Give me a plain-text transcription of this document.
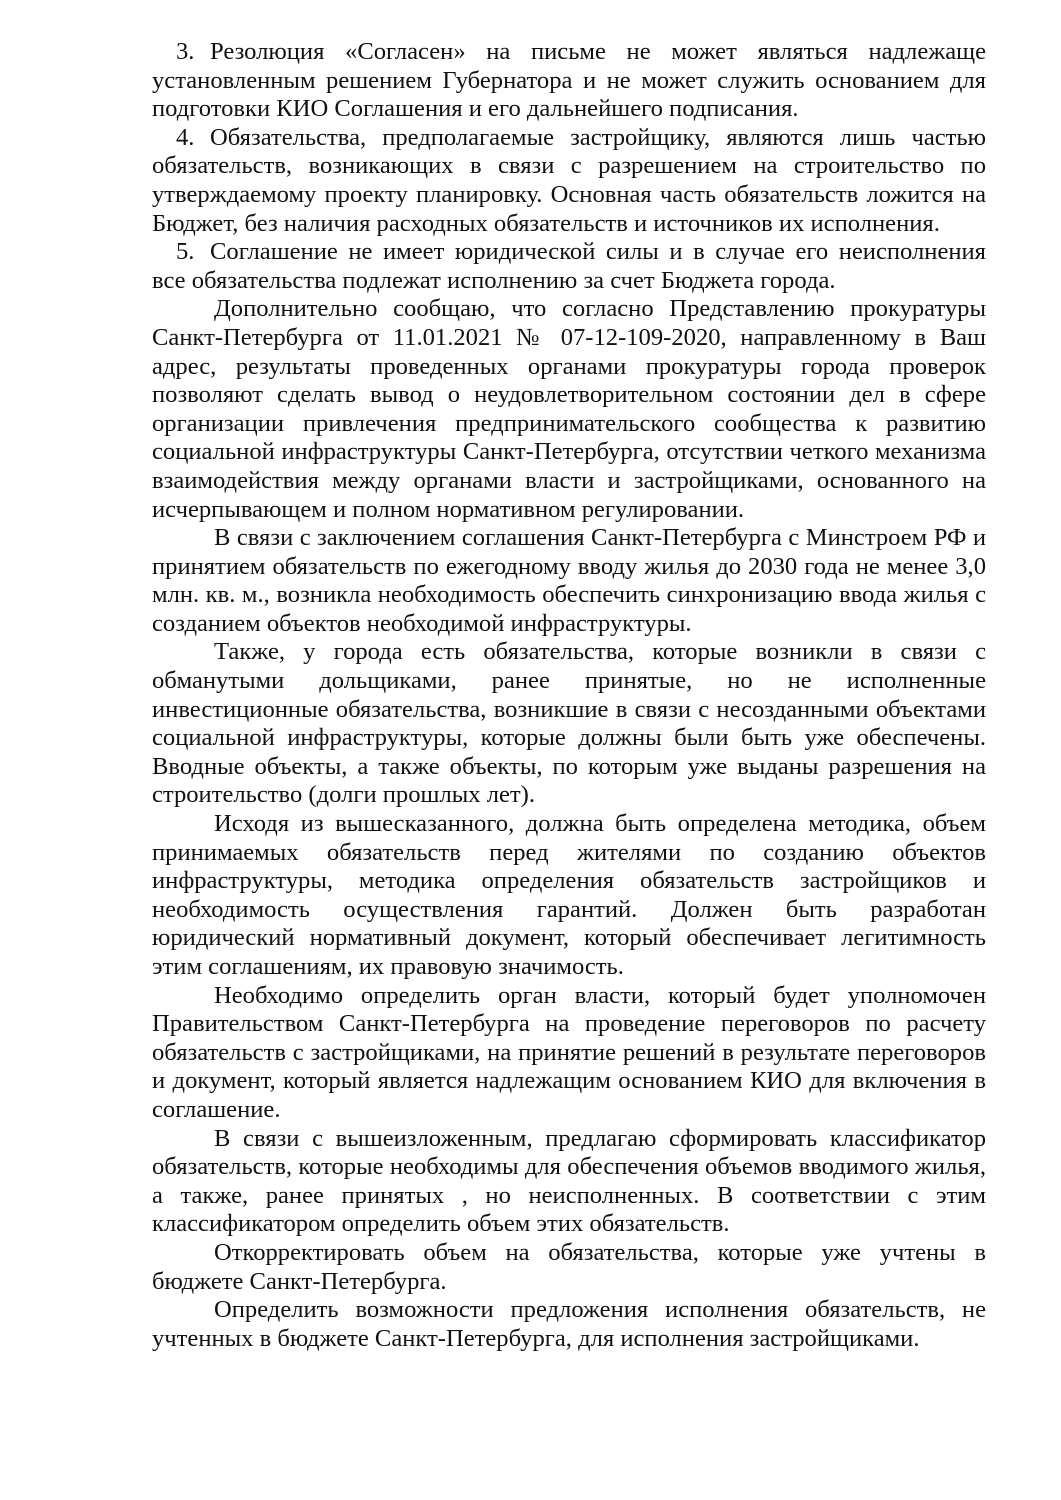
3. Резолюция «Согласен» на письме не может являться надлежаще установленным решением Губернатора и не может служить основанием для подготовки КИО Соглашения и его дальнейшего подписания.

4. Обязательства, предполагаемые застройщику, являются лишь частью обязательств, возникающих в связи с разрешением на строительство по утверждаемому проекту планировку. Основная часть обязательств ложится на Бюджет, без наличия расходных обязательств и источников их исполнения.

5. Соглашение не имеет юридической силы и в случае его неисполнения все обязательства подлежат исполнению за счет Бюджета города.

Дополнительно сообщаю, что согласно Представлению прокуратуры Санкт-Петербурга от 11.01.2021 № 07-12-109-2020, направленному в Ваш адрес, результаты проведенных органами прокуратуры города проверок позволяют сделать вывод о неудовлетворительном состоянии дел в сфере организации привлечения предпринимательского сообщества к развитию социальной инфраструктуры Санкт-Петербурга, отсутствии четкого механизма взаимодействия между органами власти и застройщиками, основанного на исчерпывающем и полном нормативном регулировании.

В связи с заключением соглашения Санкт-Петербурга с Минстроем РФ и принятием обязательств по ежегодному вводу жилья до 2030 года не менее 3,0 млн. кв. м., возникла необходимость обеспечить синхронизацию ввода жилья с созданием объектов необходимой инфраструктуры.

Также, у города есть обязательства, которые возникли в связи с обманутыми дольщиками, ранее принятые, но не исполненные инвестиционные обязательства, возникшие в связи с несозданными объектами социальной инфраструктуры, которые должны были быть уже обеспечены. Вводные объекты, а также объекты, по которым уже выданы разрешения на строительство (долги прошлых лет).

Исходя из вышесказанного, должна быть определена методика, объем принимаемых обязательств перед жителями по созданию объектов инфраструктуры, методика определения обязательств застройщиков и необходимость осуществления гарантий. Должен быть разработан юридический нормативный документ, который обеспечивает легитимность этим соглашениям, их правовую значимость.

Необходимо определить орган власти, который будет уполномочен Правительством Санкт-Петербурга на проведение переговоров по расчету обязательств с застройщиками, на принятие решений в результате переговоров и документ, который является надлежащим основанием КИО для включения в соглашение.

В связи с вышеизложенным, предлагаю сформировать классификатор обязательств, которые необходимы для обеспечения объемов вводимого жилья, а также, ранее принятых , но неисполненных. В соответствии с этим классификатором определить объем этих обязательств.

Откорректировать объем на обязательства, которые уже учтены в бюджете Санкт-Петербурга.

Определить возможности предложения исполнения обязательств, не учтенных в бюджете Санкт-Петербурга, для исполнения застройщиками.
